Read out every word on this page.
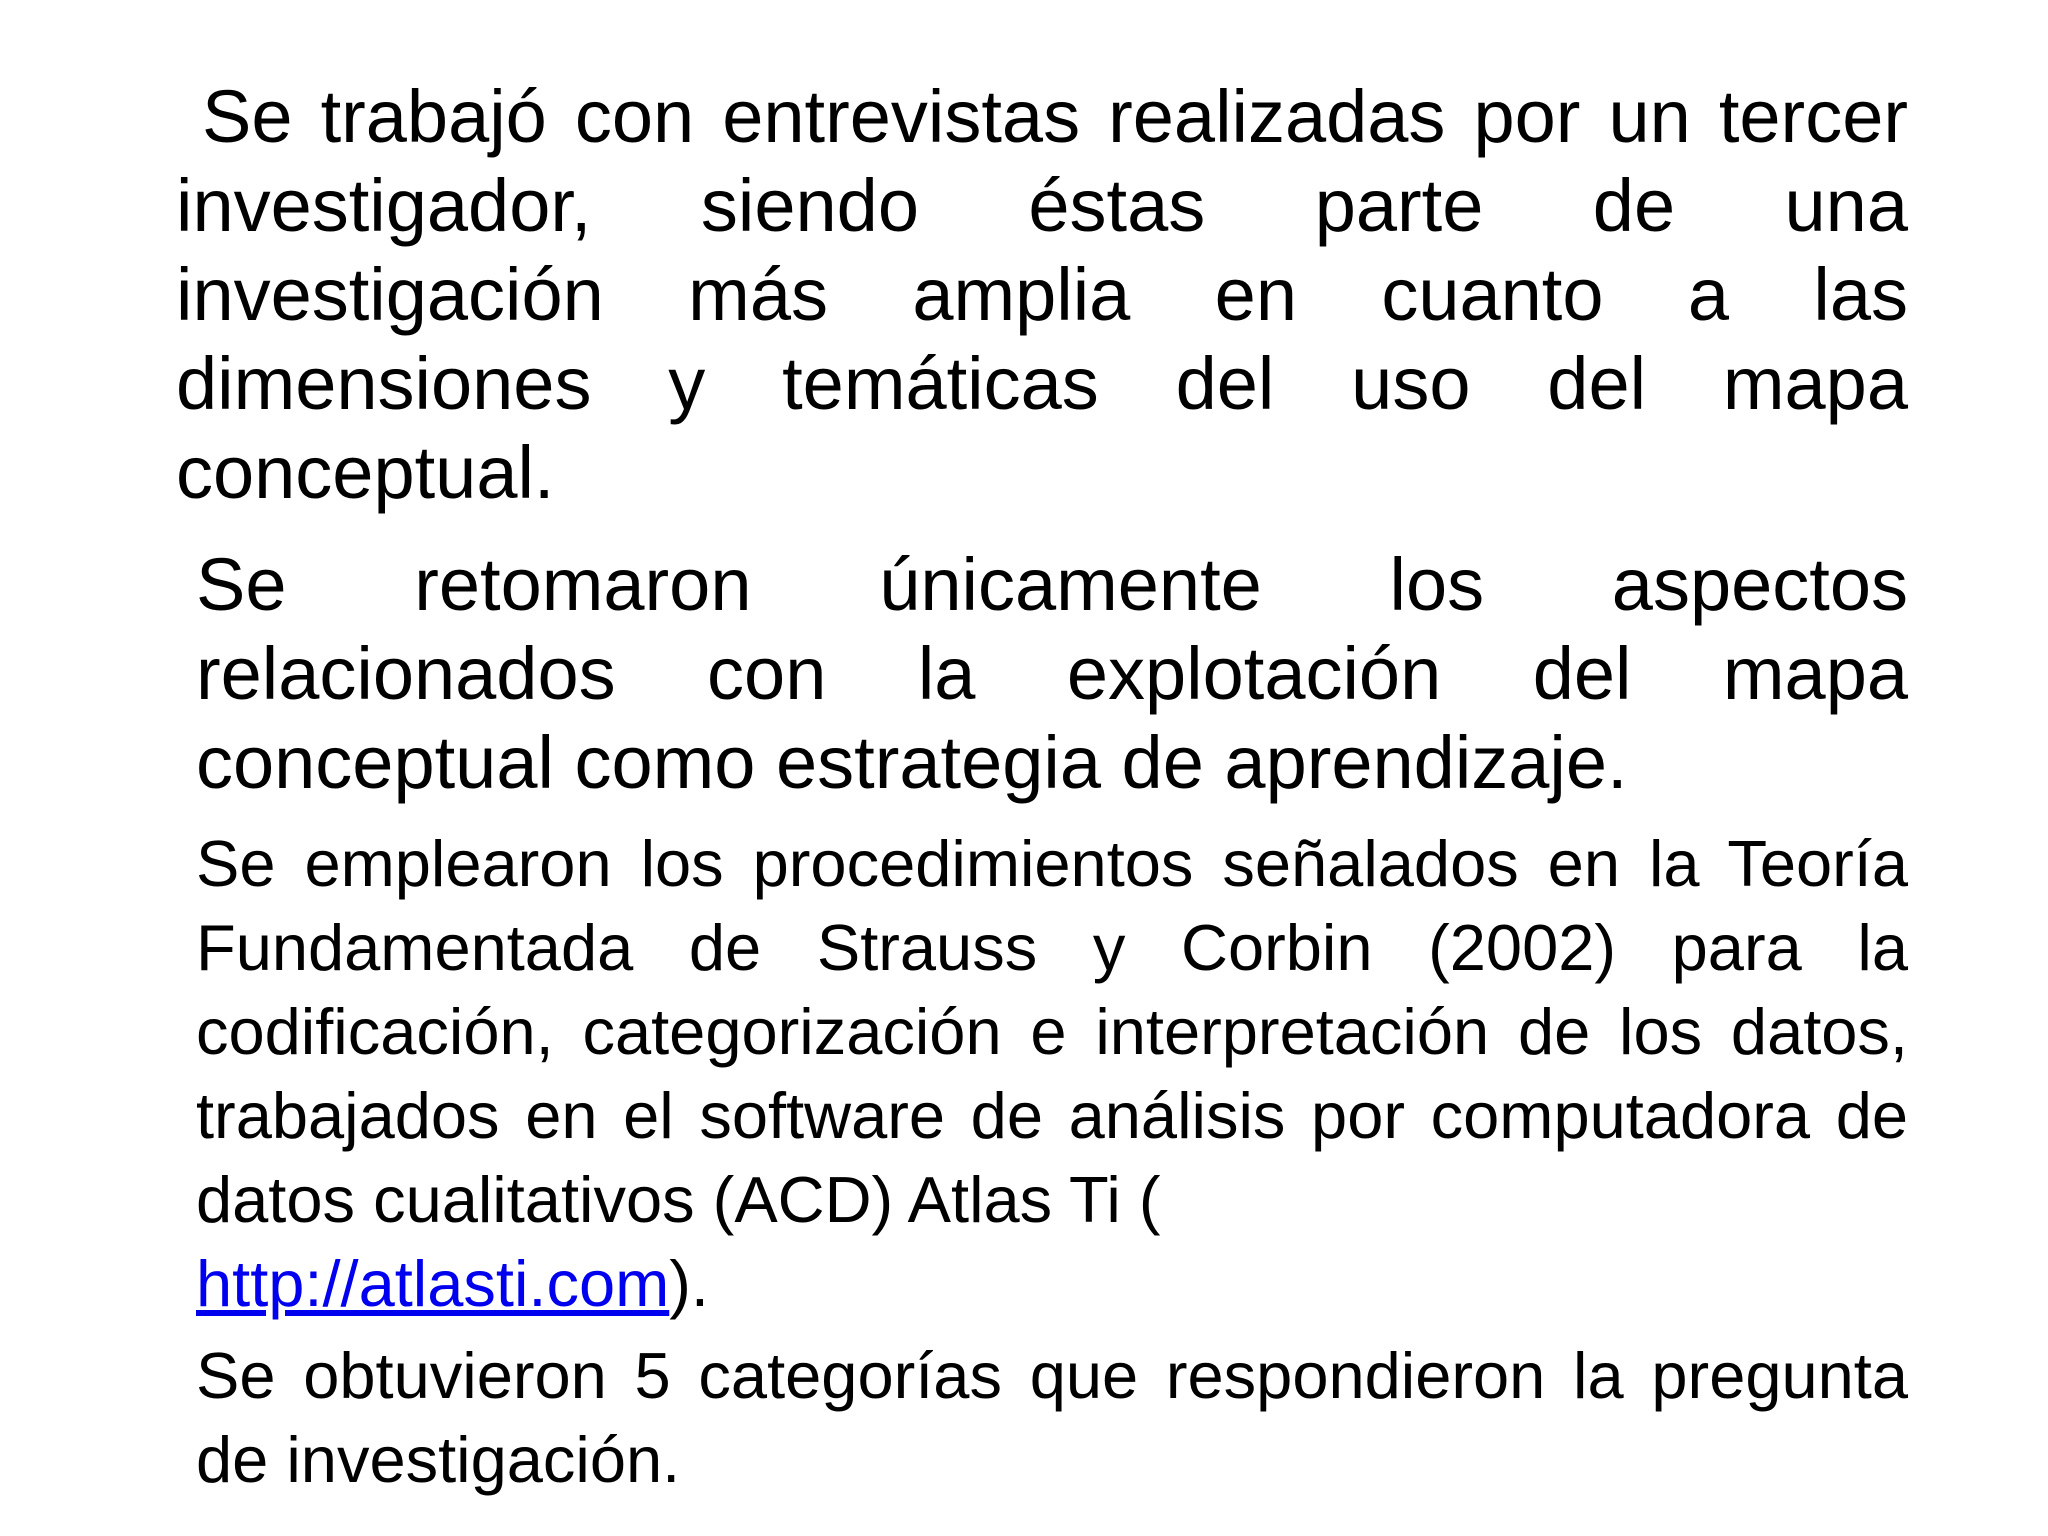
Se trabajó con entrevistas realizadas por un tercer investigador, siendo éstas parte de una investigación más amplia en cuanto a las dimensiones y temáticas del uso del mapa conceptual.

Se retomaron únicamente los aspectos relacionados con la explotación del mapa conceptual como estrategia de aprendizaje.

Se emplearon los procedimientos señalados en la Teoría Fundamentada de Strauss y Corbin (2002) para la codificación, categorización e interpretación de los datos, trabajados en el software de análisis por computadora de datos cualitativos (ACD) Atlas Ti (
http://atlasti.com).

Se obtuvieron 5 categorías que respondieron la pregunta de investigación.
